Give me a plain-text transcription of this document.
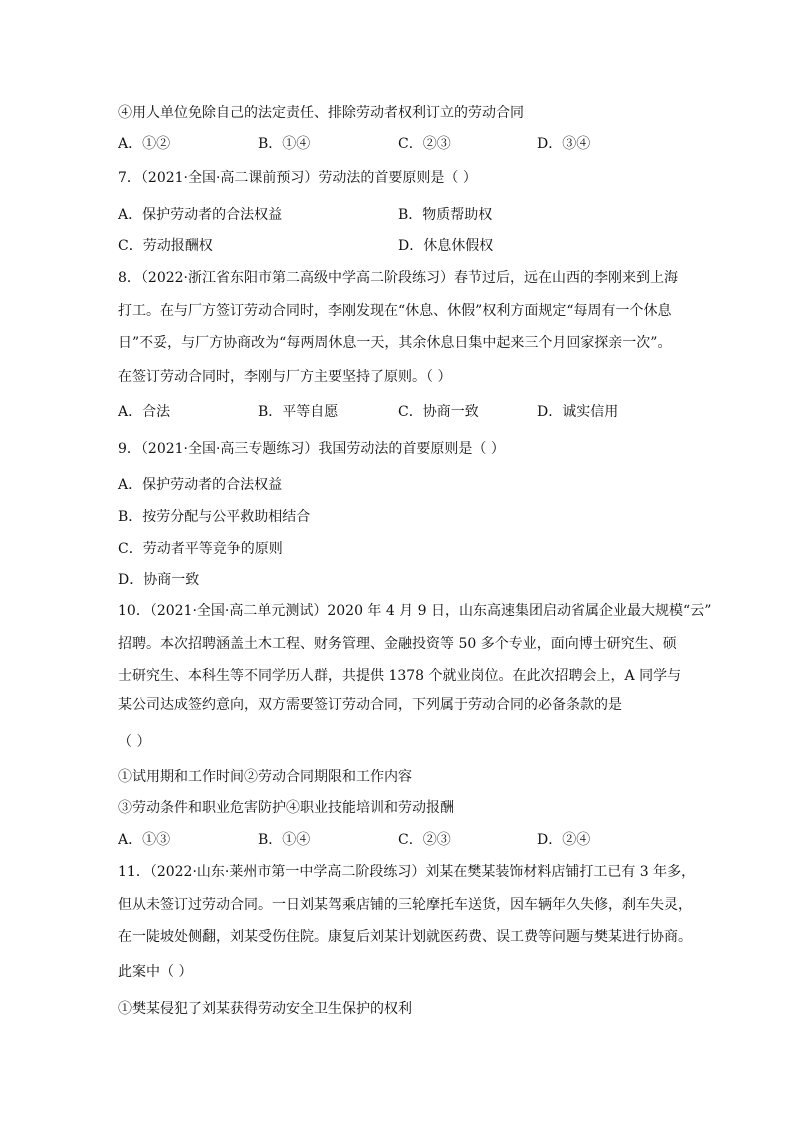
④用人单位免除自己的法定责任、排除劳动者权利订立的劳动合同
A．①②	B．①④	C．②③	D．③④
7．（2021·全国·高二课前预习）劳动法的首要原则是（ ）
A．保护劳动者的合法权益	B．物质帮助权
C．劳动报酬权	D．休息休假权
8．（2022·浙江省东阳市第二高级中学高二阶段练习）春节过后，远在山西的李刚来到上海
打工。在与厂方签订劳动合同时，李刚发现在“休息、休假”权利方面规定“每周有一个休息
日”不妥，与厂方协商改为“每两周休息一天，其余休息日集中起来三个月回家探亲一次”。
在签订劳动合同时，李刚与厂方主要坚持了原则。（ ）
A．合法	B．平等自愿	C．协商一致	D．诚实信用
9．（2021·全国·高三专题练习）我国劳动法的首要原则是（ ）
A．保护劳动者的合法权益
B．按劳分配与公平救助相结合
C．劳动者平等竞争的原则
D．协商一致
10．（2021·全国·高二单元测试）2020 年 4 月 9 日，山东高速集团启动省属企业最大规模“云”
招聘。本次招聘涵盖土木工程、财务管理、金融投资等 50 多个专业，面向博士研究生、硕
士研究生、本科生等不同学历人群，共提供 1378 个就业岗位。在此次招聘会上，A 同学与
某公司达成签约意向，双方需要签订劳动合同，下列属于劳动合同的必备条款的是
（ ）
①试用期和工作时间②劳动合同期限和工作内容
③劳动条件和职业危害防护④职业技能培训和劳动报酬
A．①③	B．①④	C．②③	D．②④
11．（2022·山东·莱州市第一中学高二阶段练习）刘某在樊某装饰材料店铺打工已有 3 年多，
但从未签订过劳动合同。一日刘某驾乘店铺的三轮摩托车送货，因车辆年久失修，刹车失灵，
在一陡坡处侧翻，刘某受伤住院。康复后刘某计划就医药费、误工费等问题与樊某进行协商。
此案中（ ）
①樊某侵犯了刘某获得劳动安全卫生保护的权利
